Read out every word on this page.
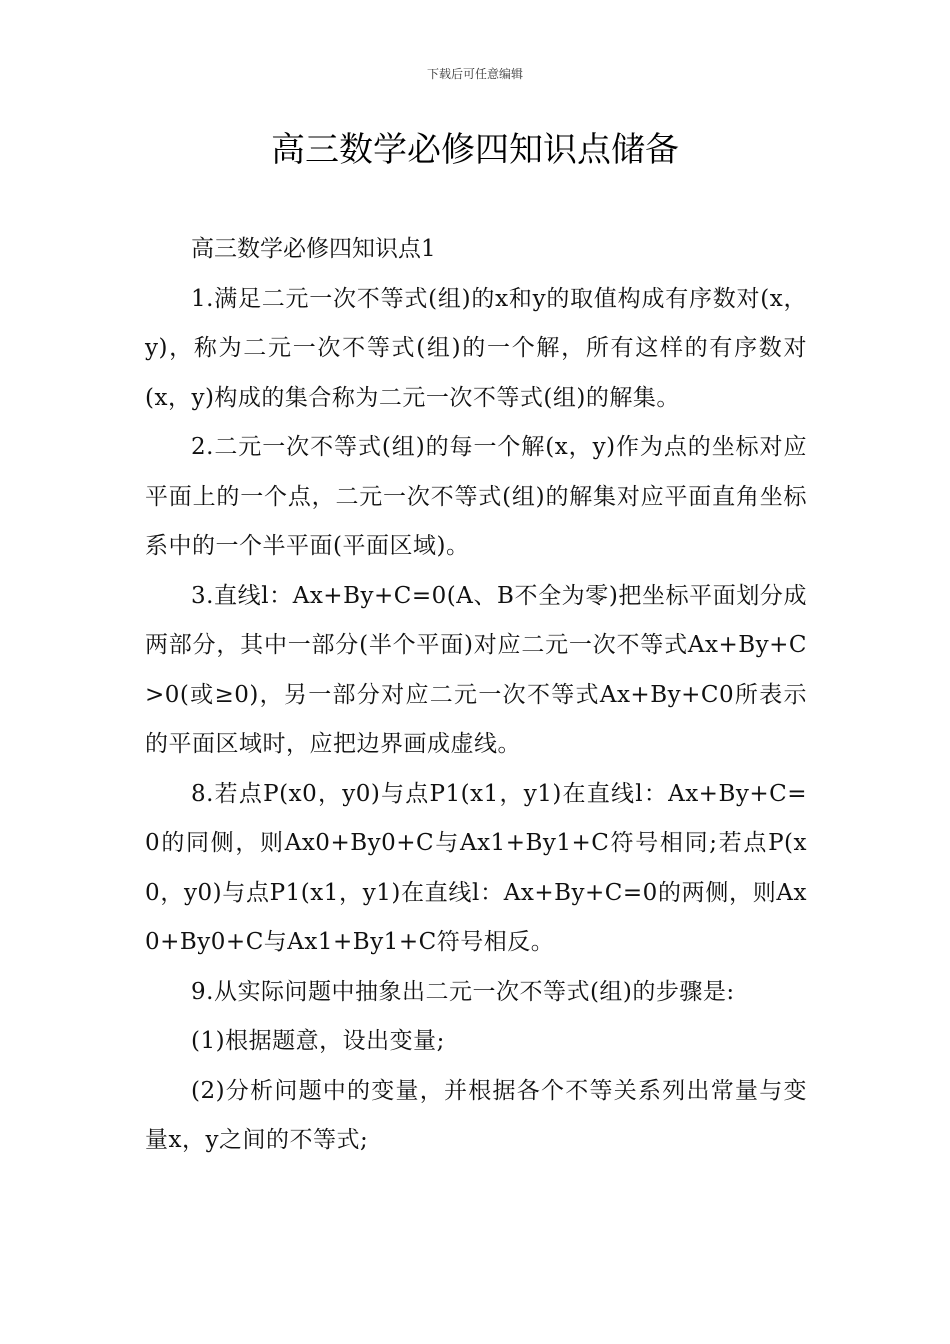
下载后可任意编辑
高三数学必修四知识点储备

高三数学必修四知识点1

1.满足二元一次不等式(组)的x和y的取值构成有序数对(x，y)，称为二元一次不等式(组)的一个解，所有这样的有序数对(x，y)构成的集合称为二元一次不等式(组)的解集。

2.二元一次不等式(组)的每一个解(x，y)作为点的坐标对应平面上的一个点，二元一次不等式(组)的解集对应平面直角坐标系中的一个半平面(平面区域)。

3.直线l：Ax+By+C=0(A、B不全为零)把坐标平面划分成两部分，其中一部分(半个平面)对应二元一次不等式Ax+By+C>0(或≥0)，另一部分对应二元一次不等式Ax+By+C0所表示的平面区域时，应把边界画成虚线。

8.若点P(x0，y0)与点P1(x1，y1)在直线l：Ax+By+C=0的同侧，则Ax0+By0+C与Ax1+By1+C符号相同;若点P(x0，y0)与点P1(x1，y1)在直线l：Ax+By+C=0的两侧，则Ax0+By0+C与Ax1+By1+C符号相反。

9.从实际问题中抽象出二元一次不等式(组)的步骤是:

(1)根据题意，设出变量;

(2)分析问题中的变量，并根据各个不等关系列出常量与变量x，y之间的不等式;
